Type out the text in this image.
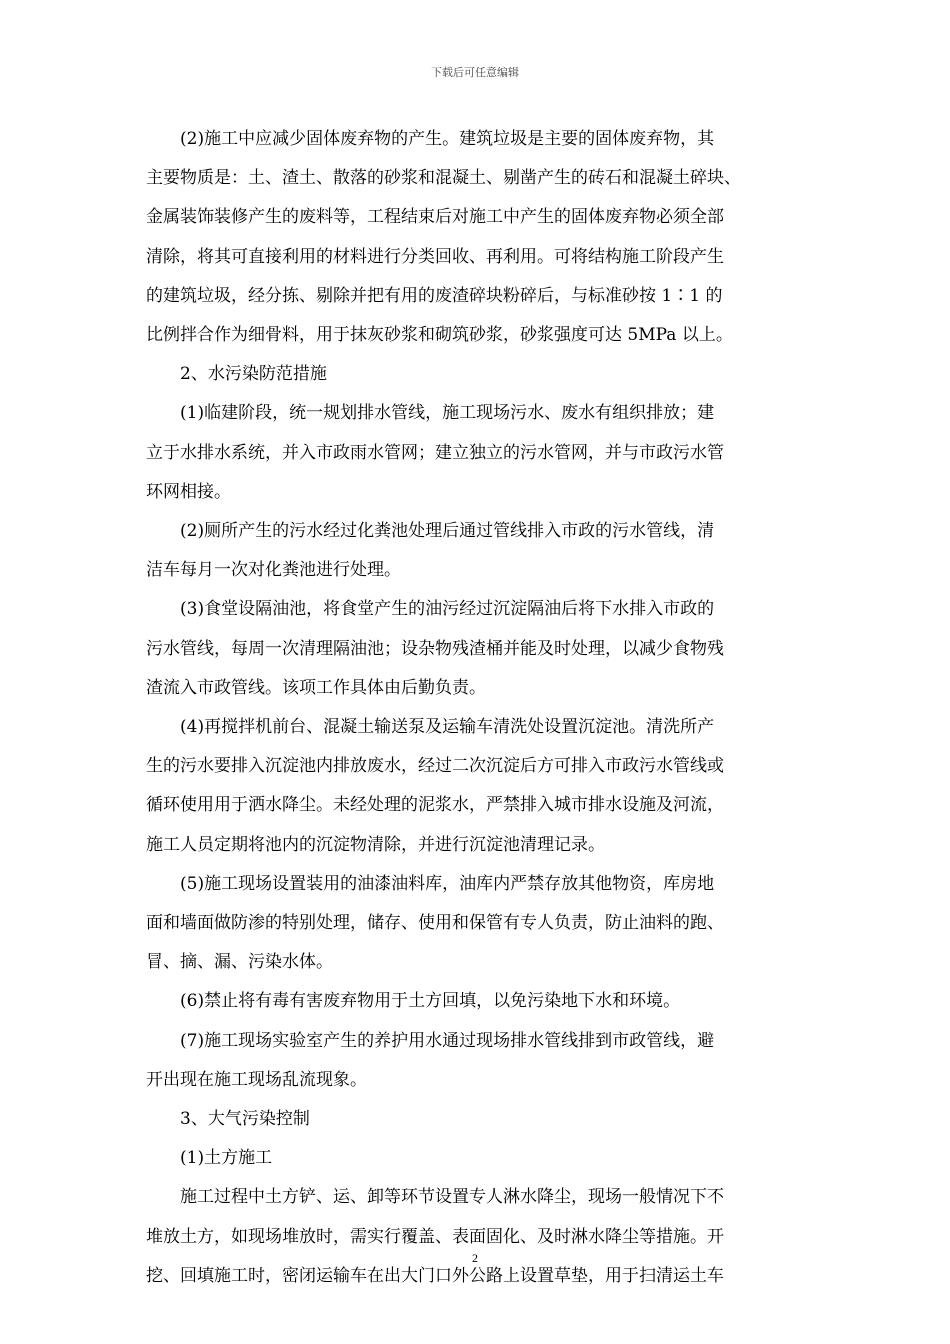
下载后可任意编辑
(2)施工中应减少固体废弃物的产生。建筑垃圾是主要的固体废弃物，其
主要物质是：土、渣土、散落的砂浆和混凝土、剔凿产生的砖石和混凝土碎块、
金属装饰装修产生的废料等，工程结束后对施工中产生的固体废弃物必须全部
清除，将其可直接利用的材料进行分类回收、再利用。可将结构施工阶段产生
的建筑垃圾，经分拣、剔除并把有用的废渣碎块粉碎后，与标准砂按 1∶1 的
比例拌合作为细骨料，用于抹灰砂浆和砌筑砂浆，砂浆强度可达 5MPa 以上。
2、水污染防范措施
(1)临建阶段，统一规划排水管线，施工现场污水、废水有组织排放；建
立于水排水系统，并入市政雨水管网；建立独立的污水管网，并与市政污水管
环网相接。
(2)厕所产生的污水经过化粪池处理后通过管线排入市政的污水管线，清
洁车每月一次对化粪池进行处理。
(3)食堂设隔油池，将食堂产生的油污经过沉淀隔油后将下水排入市政的
污水管线，每周一次清理隔油池；设杂物残渣桶并能及时处理，以减少食物残
渣流入市政管线。该项工作具体由后勤负责。
(4)再搅拌机前台、混凝土输送泵及运输车清洗处设置沉淀池。清洗所产
生的污水要排入沉淀池内排放废水，经过二次沉淀后方可排入市政污水管线或
循环使用用于洒水降尘。未经处理的泥浆水，严禁排入城市排水设施及河流，
施工人员定期将池内的沉淀物清除，并进行沉淀池清理记录。
(5)施工现场设置装用的油漆油料库，油库内严禁存放其他物资，库房地
面和墙面做防渗的特别处理，储存、使用和保管有专人负责，防止油料的跑、
冒、摘、漏、污染水体。
(6)禁止将有毒有害废弃物用于土方回填，以免污染地下水和环境。
(7)施工现场实验室产生的养护用水通过现场排水管线排到市政管线，避
开出现在施工现场乱流现象。
3、大气污染控制
(1)土方施工
施工过程中土方铲、运、卸等环节设置专人淋水降尘，现场一般情况下不
堆放土方，如现场堆放时，需实行覆盖、表面固化、及时淋水降尘等措施。开
挖、回填施工时，密闭运输车在出大门口外公路上设置草垫，用于扫清运土车
2
